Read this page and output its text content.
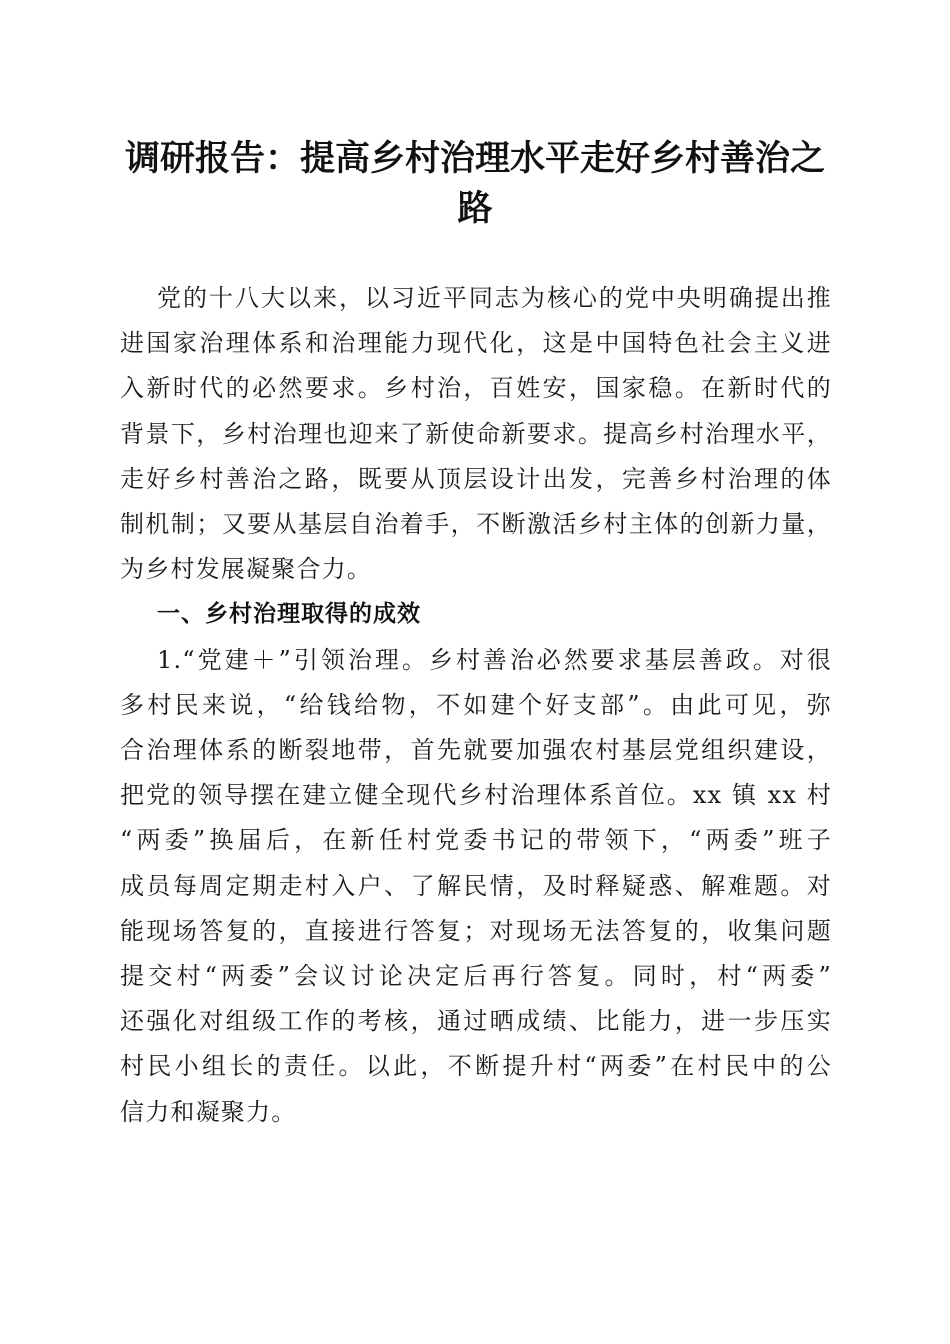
调研报告：提高乡村治理水平走好乡村善治之
路
党的十八大以来，以习近平同志为核心的党中央明确提出推
进国家治理体系和治理能力现代化，这是中国特色社会主义进
入新时代的必然要求。乡村治，百姓安，国家稳。在新时代的
背景下，乡村治理也迎来了新使命新要求。提高乡村治理水平，
走好乡村善治之路，既要从顶层设计出发，完善乡村治理的体
制机制；又要从基层自治着手，不断激活乡村主体的创新力量，
为乡村发展凝聚合力。
一、乡村治理取得的成效
1.“党建＋”引领治理。乡村善治必然要求基层善政。对很
多村民来说，“给钱给物，不如建个好支部”。由此可见，弥
合治理体系的断裂地带，首先就要加强农村基层党组织建设，
把党的领导摆在建立健全现代乡村治理体系首位。xx 镇 xx 村
“两委”换届后，在新任村党委书记的带领下，“两委”班子
成员每周定期走村入户、了解民情，及时释疑惑、解难题。对
能现场答复的，直接进行答复；对现场无法答复的，收集问题
提交村“两委”会议讨论决定后再行答复。同时，村“两委”
还强化对组级工作的考核，通过晒成绩、比能力，进一步压实
村民小组长的责任。以此，不断提升村“两委”在村民中的公
信力和凝聚力。
